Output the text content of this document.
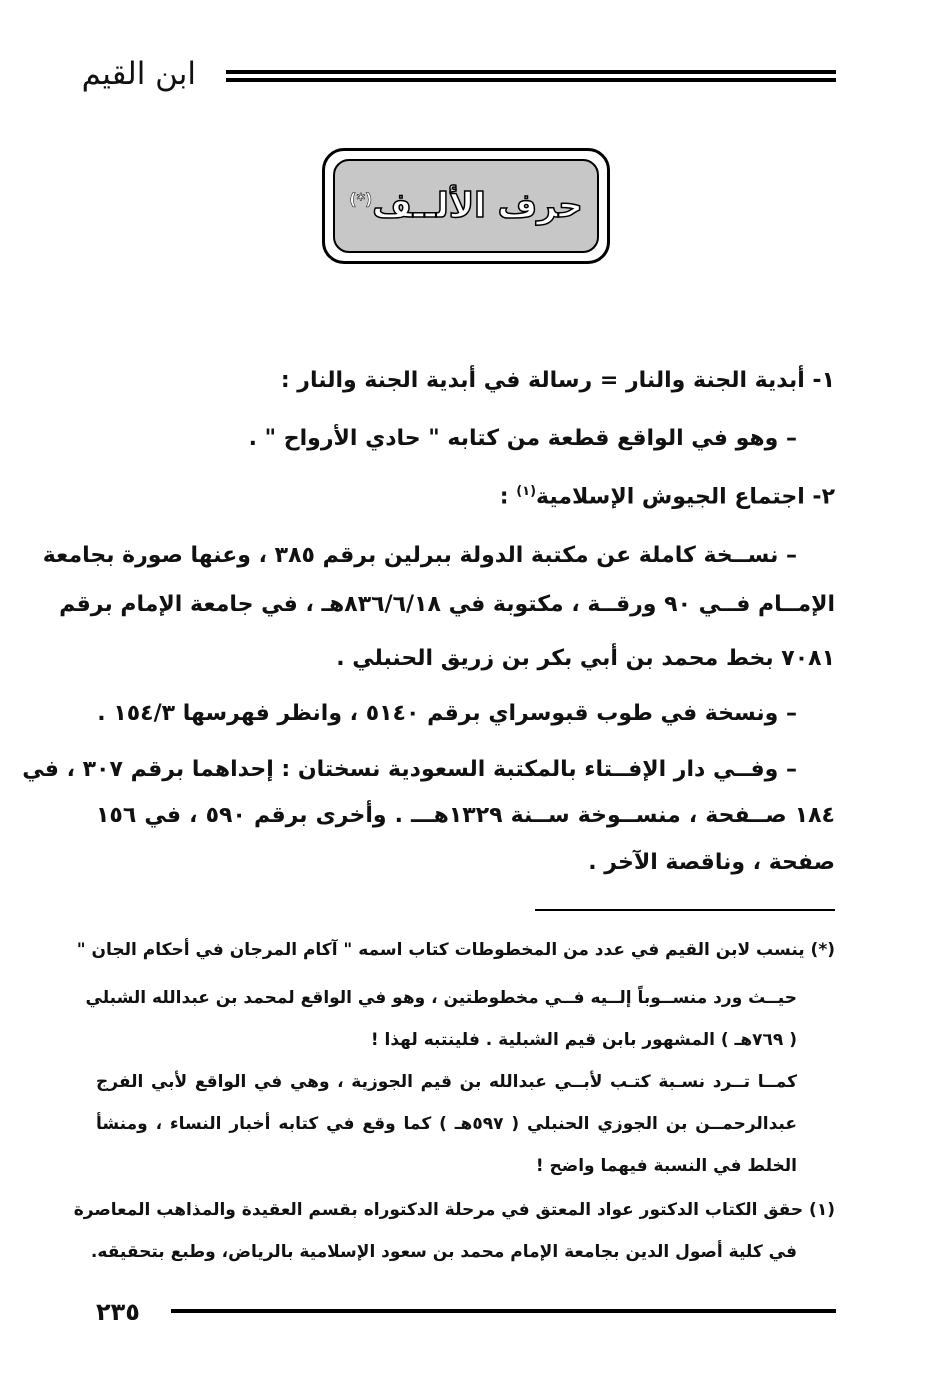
ابن القيم
حرف الألــف(*)
١- أبدية الجنة والنار = رسالة في أبدية الجنة والنار :
– وهو في الواقع قطعة من كتابه " حادي الأرواح " .
٢- اجتماع الجيوش الإسلامية$^{(١)}$ :
– نســخة كاملة عن مكتبة الدولة ببرلين برقم ٣٨٥ ، وعنها صورة بجامعة
الإمــام فــي ٩٠ ورقــة ، مكتوبة في ٨٣٦/٦/١٨هـ ، في جامعة الإمام برقم
٧٠٨١ بخط محمد بن أبي بكر بن زريق الحنبلي .
– ونسخة في طوب قبوسراي برقم ٥١٤٠ ، وانظر فهرسها ١٥٤/٣ .
– وفــي دار الإفــتاء بالمكتبة السعودية نسختان : إحداهما برقم ٣٠٧ ، في
١٨٤ صــفحة ، منســوخة ســنة ١٣٢٩هـــ . وأخرى برقم ٥٩٠ ، في ١٥٦
صفحة ، وناقصة الآخر .
(*) ينسب لابن القيم في عدد من المخطوطات كتاب اسمه " آكام المرجان في أحكام الجان "
حيــث ورد منســوباً إلــيه فــي مخطوطتين ، وهو في الواقع لمحمد بن عبدالله الشبلي
( ٧٦٩هـ ) المشهور بابن قيم الشبلية . فلينتبه لهذا !
كمــا تــرد نسـبة كتـب لأبــي عبدالله بن قيم الجوزية ، وهي في الواقع لأبي الفرج
عبدالرحمــن بن الجوزي الحنبلي ( ٥٩٧هـ ) كما وقع في كتابه أخبار النساء ، ومنشأ
الخلط في النسبة فيهما واضح !
(١) حقق الكتاب الدكتور عواد المعتق في مرحلة الدكتوراه بقسم العقيدة والمذاهب المعاصرة
في كلية أصول الدين بجامعة الإمام محمد بن سعود الإسلامية بالرياض، وطبع بتحقيقه.
٢٣٥
